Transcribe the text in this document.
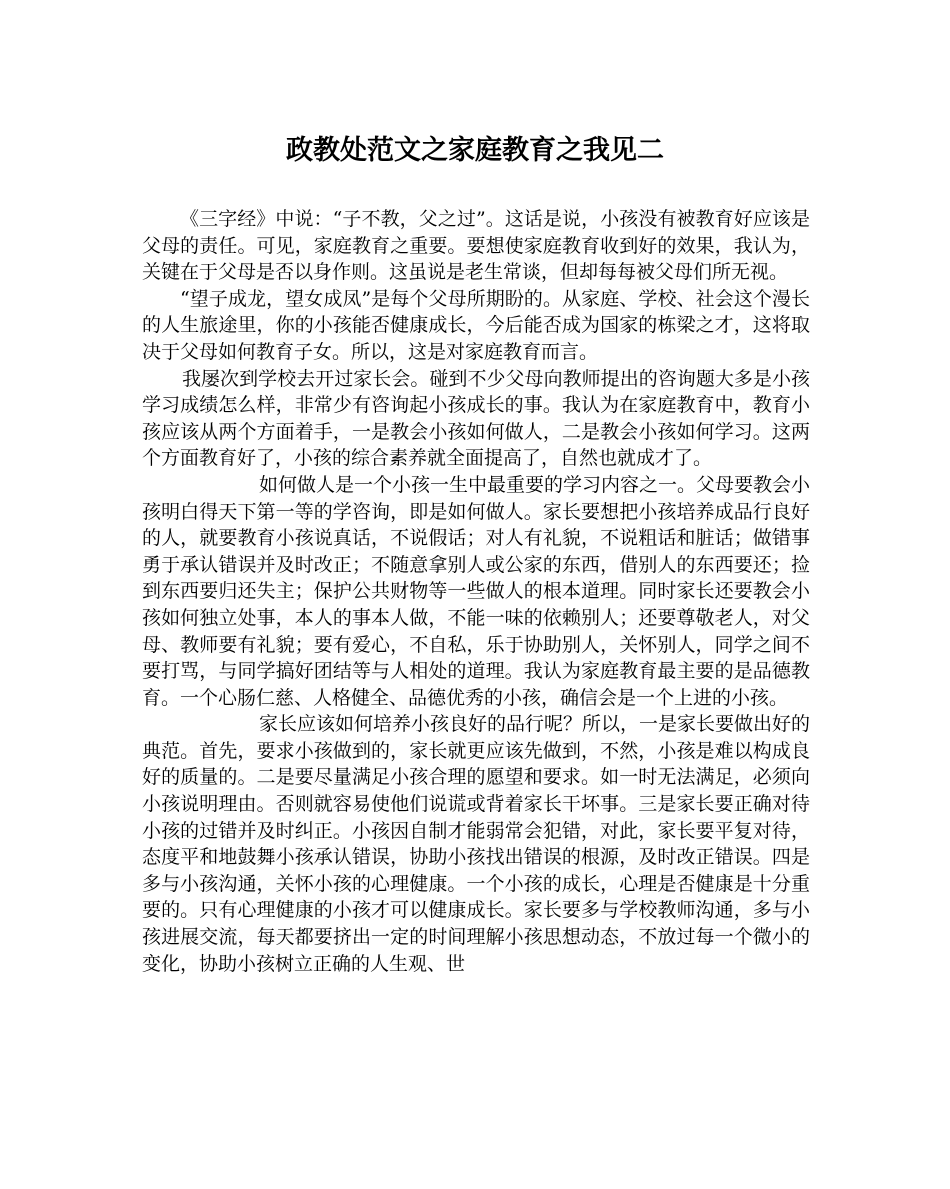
政教处范文之家庭教育之我见二

《三字经》中说：“子不教，父之过”。这话是说，小孩没有被教育好应该是父母的责任。可见，家庭教育之重要。要想使家庭教育收到好的效果，我认为，关键在于父母是否以身作则。这虽说是老生常谈，但却每每被父母们所无视。

“望子成龙，望女成凤”是每个父母所期盼的。从家庭、学校、社会这个漫长的人生旅途里，你的小孩能否健康成长，今后能否成为国家的栋梁之才，这将取决于父母如何教育子女。所以，这是对家庭教育而言。

我屡次到学校去开过家长会。碰到不少父母向教师提出的咨询题大多是小孩学习成绩怎么样，非常少有咨询起小孩成长的事。我认为在家庭教育中，教育小孩应该从两个方面着手，一是教会小孩如何做人，二是教会小孩如何学习。这两个方面教育好了，小孩的综合素养就全面提高了，自然也就成才了。

如何做人是一个小孩一生中最重要的学习内容之一。父母要教会小孩明白得天下第一等的学咨询，即是如何做人。家长要想把小孩培养成品行良好的人，就要教育小孩说真话，不说假话；对人有礼貌，不说粗话和脏话；做错事勇于承认错误并及时改正；不随意拿别人或公家的东西，借别人的东西要还；捡到东西要归还失主；保护公共财物等一些做人的根本道理。同时家长还要教会小孩如何独立处事，本人的事本人做，不能一味的依赖别人；还要尊敬老人，对父母、教师要有礼貌；要有爱心，不自私，乐于协助别人，关怀别人，同学之间不要打骂，与同学搞好团结等与人相处的道理。我认为家庭教育最主要的是品德教育。一个心肠仁慈、人格健全、品德优秀的小孩，确信会是一个上进的小孩。

家长应该如何培养小孩良好的品行呢？所以，一是家长要做出好的典范。首先，要求小孩做到的，家长就更应该先做到，不然，小孩是难以构成良好的质量的。二是要尽量满足小孩合理的愿望和要求。如一时无法满足，必须向小孩说明理由。否则就容易使他们说谎或背着家长干坏事。三是家长要正确对待小孩的过错并及时纠正。小孩因自制才能弱常会犯错，对此，家长要平复对待，态度平和地鼓舞小孩承认错误，协助小孩找出错误的根源，及时改正错误。四是多与小孩沟通，关怀小孩的心理健康。一个小孩的成长，心理是否健康是十分重要的。只有心理健康的小孩才可以健康成长。家长要多与学校教师沟通，多与小孩进展交流，每天都要挤出一定的时间理解小孩思想动态，不放过每一个微小的变化，协助小孩树立正确的人生观、世
